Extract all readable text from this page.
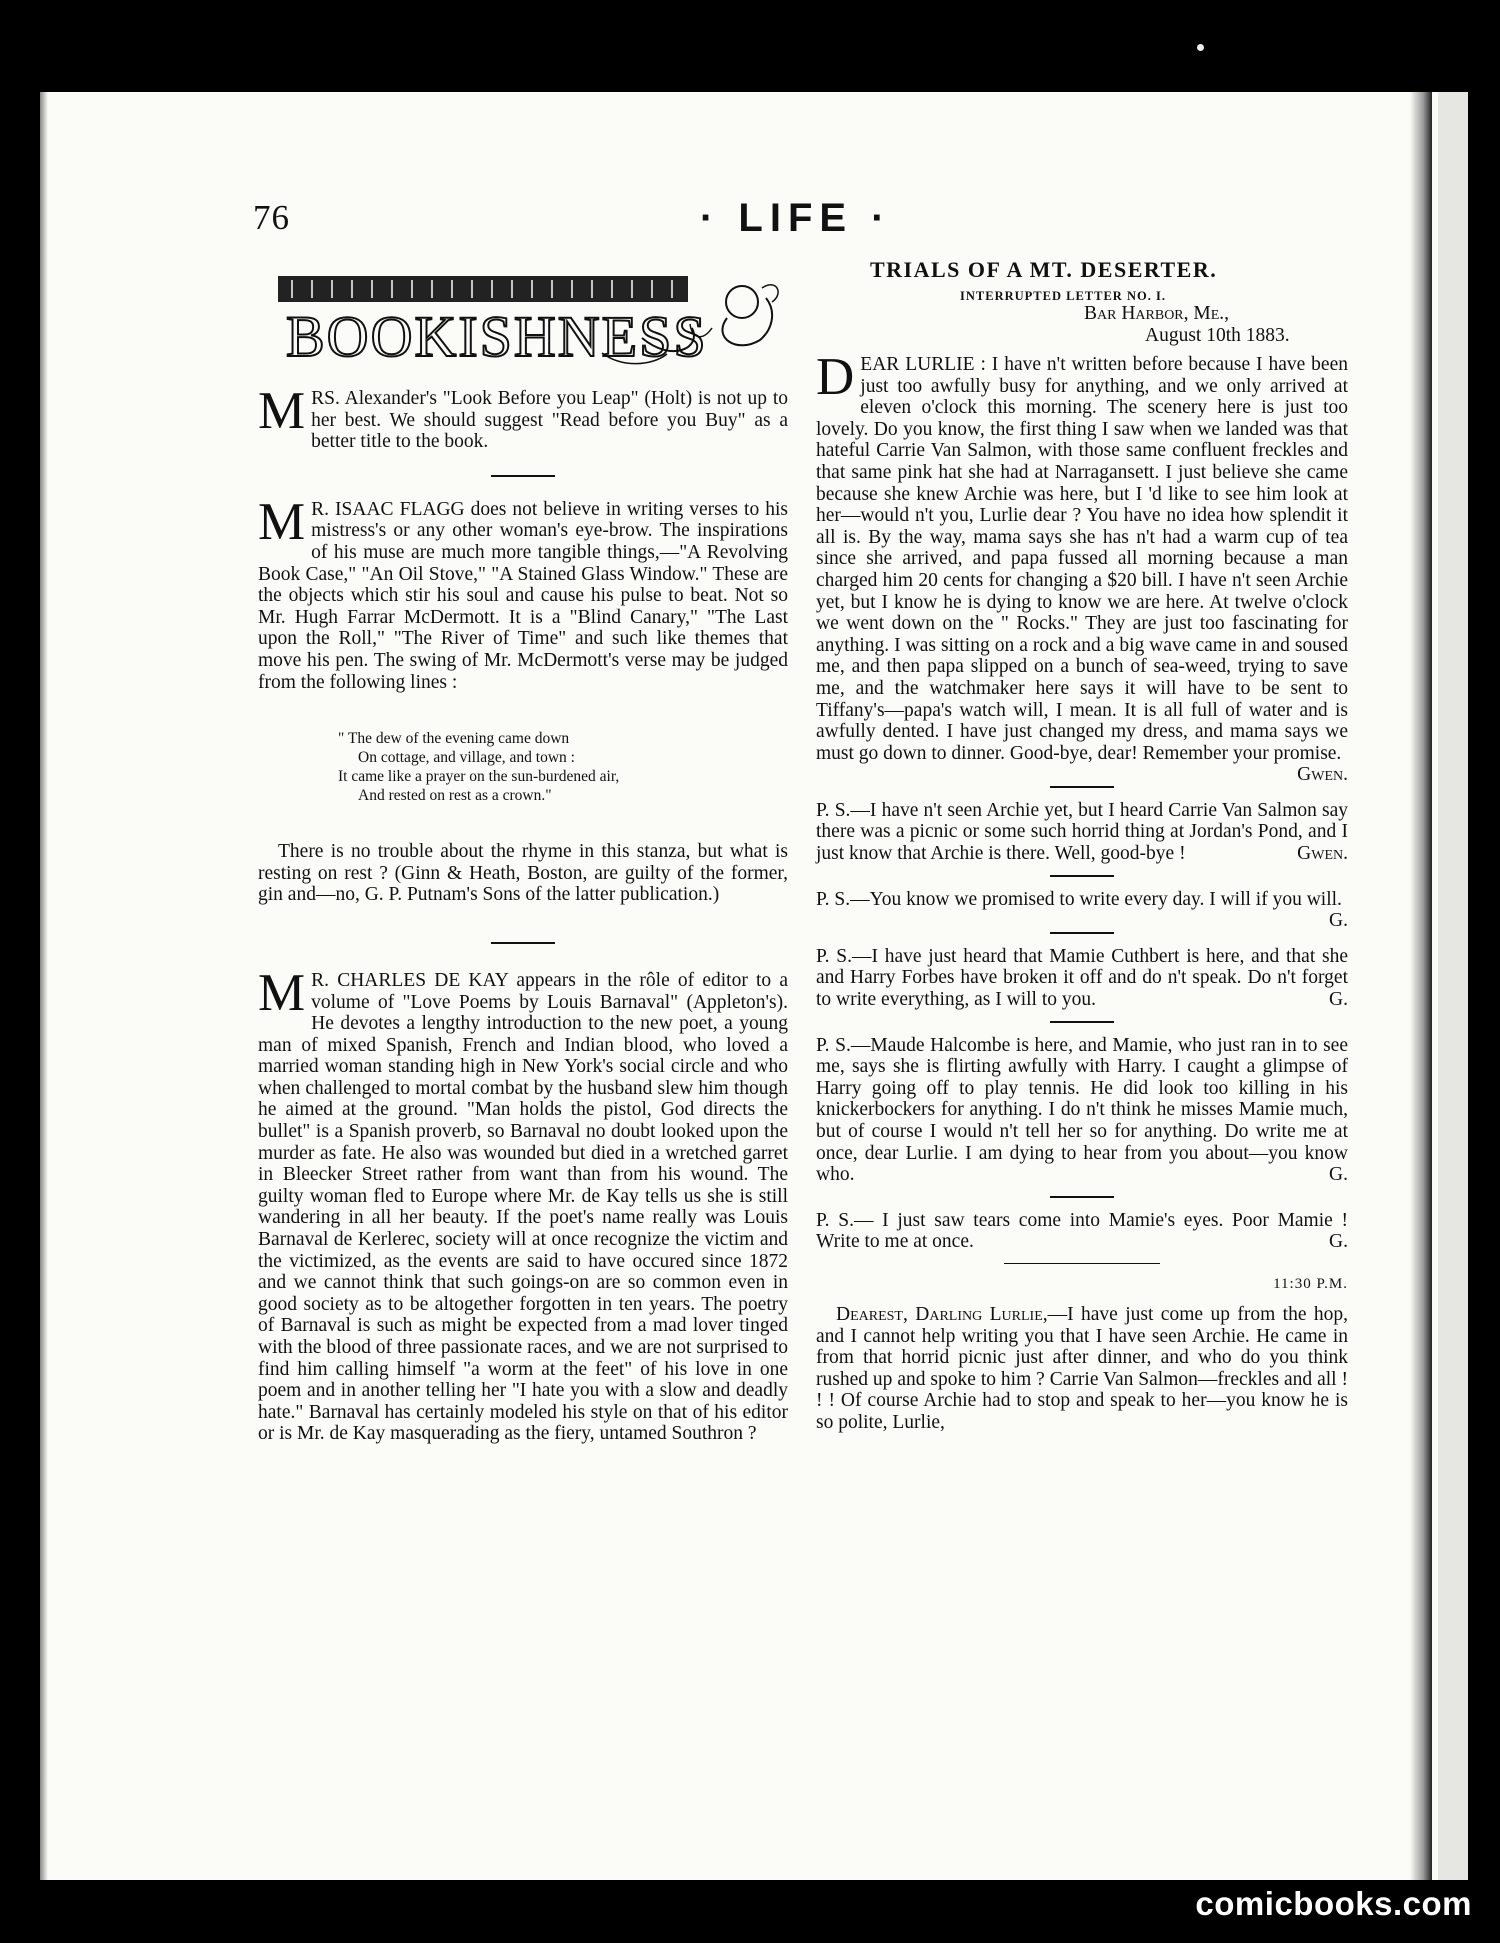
76	· LIFE ·
BOOKISHNESS

MRS. Alexander's "Look Before you Leap" (Holt) is not up to her best. We should suggest "Read before you Buy" as a better title to the book.

M R. ISAAC FLAGG does not believe in writing verses to his mistress's or any other woman's eye-brow. The inspirations of his muse are much more tangible things,—"A Revolving Book Case," "An Oil Stove," "A Stained Glass Window." These are the objects which stir his soul and cause his pulse to beat. Not so Mr. Hugh Farrar McDermott. It is a "Blind Canary," "The Last upon the Roll," "The River of Time" and such like themes that move his pen. The swing of Mr. McDermott's verse may be judged from the following lines :

" The dew of the evening came down
On cottage, and village, and town :
It came like a prayer on the sun-burdened air,
And rested on rest as a crown."

There is no trouble about the rhyme in this stanza, but what is resting on rest ? (Ginn & Heath, Boston, are guilty of the former, gin and—no, G. P. Putnam's Sons of the latter publication.)

M R. CHARLES DE KAY appears in the rôle of editor to a volume of "Love Poems by Louis Barnaval" (Appleton's). He devotes a lengthy introduction to the new poet, a young man of mixed Spanish, French and Indian blood, who loved a married woman standing high in New York's social circle and who when challenged to mortal combat by the husband slew him though he aimed at the ground. "Man holds the pistol, God directs the bullet" is a Spanish proverb, so Barnaval no doubt looked upon the murder as fate. He also was wounded but died in a wretched garret in Bleecker Street rather from want than from his wound. The guilty woman fled to Europe where Mr. de Kay tells us she is still wandering in all her beauty. If the poet's name really was Louis Barnaval de Kerlerec, society will at once recognize the victim and the victimized, as the events are said to have occured since 1872 and we cannot think that such goings-on are so common even in good society as to be altogether forgotten in ten years. The poetry of Barnaval is such as might be expected from a mad lover tinged with the blood of three passionate races, and we are not surprised to find him calling himself "a worm at the feet" of his love in one poem and in another telling her "I hate you with a slow and deadly hate." Barnaval has certainly modeled his style on that of his editor or is Mr. de Kay masquerading as the fiery, untamed Southron ?

TRIALS OF A MT. DESERTER.
INTERRUPTED LETTER NO. I.
Bar Harbor, Me.,
August 10th 1883.

DEAR LURLIE : I have n't written before because I have been just too awfully busy for anything, and we only arrived at eleven o'clock this morning. The scenery here is just too lovely. Do you know, the first thing I saw when we landed was that hateful Carrie Van Salmon, with those same confluent freckles and that same pink hat she had at Narragansett. I just believe she came because she knew Archie was here, but I 'd like to see him look at her—would n't you, Lurlie dear ? You have no idea how splendit it all is. By the way, mama says she has n't had a warm cup of tea since she arrived, and papa fussed all morning because a man charged him 20 cents for changing a $20 bill. I have n't seen Archie yet, but I know he is dying to know we are here. At twelve o'clock we went down on the " Rocks." They are just too fascinating for anything. I was sitting on a rock and a big wave came in and soused me, and then papa slipped on a bunch of sea-weed, trying to save me, and the watchmaker here says it will have to be sent to Tiffany's—papa's watch will, I mean. It is all full of water and is awfully dented. I have just changed my dress, and mama says we must go down to dinner. Good-bye, dear! Remember your promise.
Gwen.

P. S.—I have n't seen Archie yet, but I heard Carrie Van Salmon say there was a picnic or some such horrid thing at Jordan's Pond, and I just know that Archie is there. Well, good-bye !	Gwen.

P. S.—You know we promised to write every day. I will if you will.
G.

P. S.—I have just heard that Mamie Cuthbert is here, and that she and Harry Forbes have broken it off and do n't speak. Do n't forget to write everything, as I will to you.	G.

P. S.—Maude Halcombe is here, and Mamie, who just ran in to see me, says she is flirting awfully with Harry. I caught a glimpse of Harry going off to play tennis. He did look too killing in his knickerbockers for anything. I do n't think he misses Mamie much, but of course I would n't tell her so for anything. Do write me at once, dear Lurlie. I am dying to hear from you about—you know who.	G.

P. S.— I just saw tears come into Mamie's eyes. Poor Mamie ! Write to me at once.	G.

11:30 P.M.

Dearest, Darling Lurlie,—I have just come up from the hop, and I cannot help writing you that I have seen Archie. He came in from that horrid picnic just after dinner, and who do you think rushed up and spoke to him ? Carrie Van Salmon—freckles and all ! ! ! Of course Archie had to stop and speak to her—you know he is so polite, Lurlie,

comicbooks.com
